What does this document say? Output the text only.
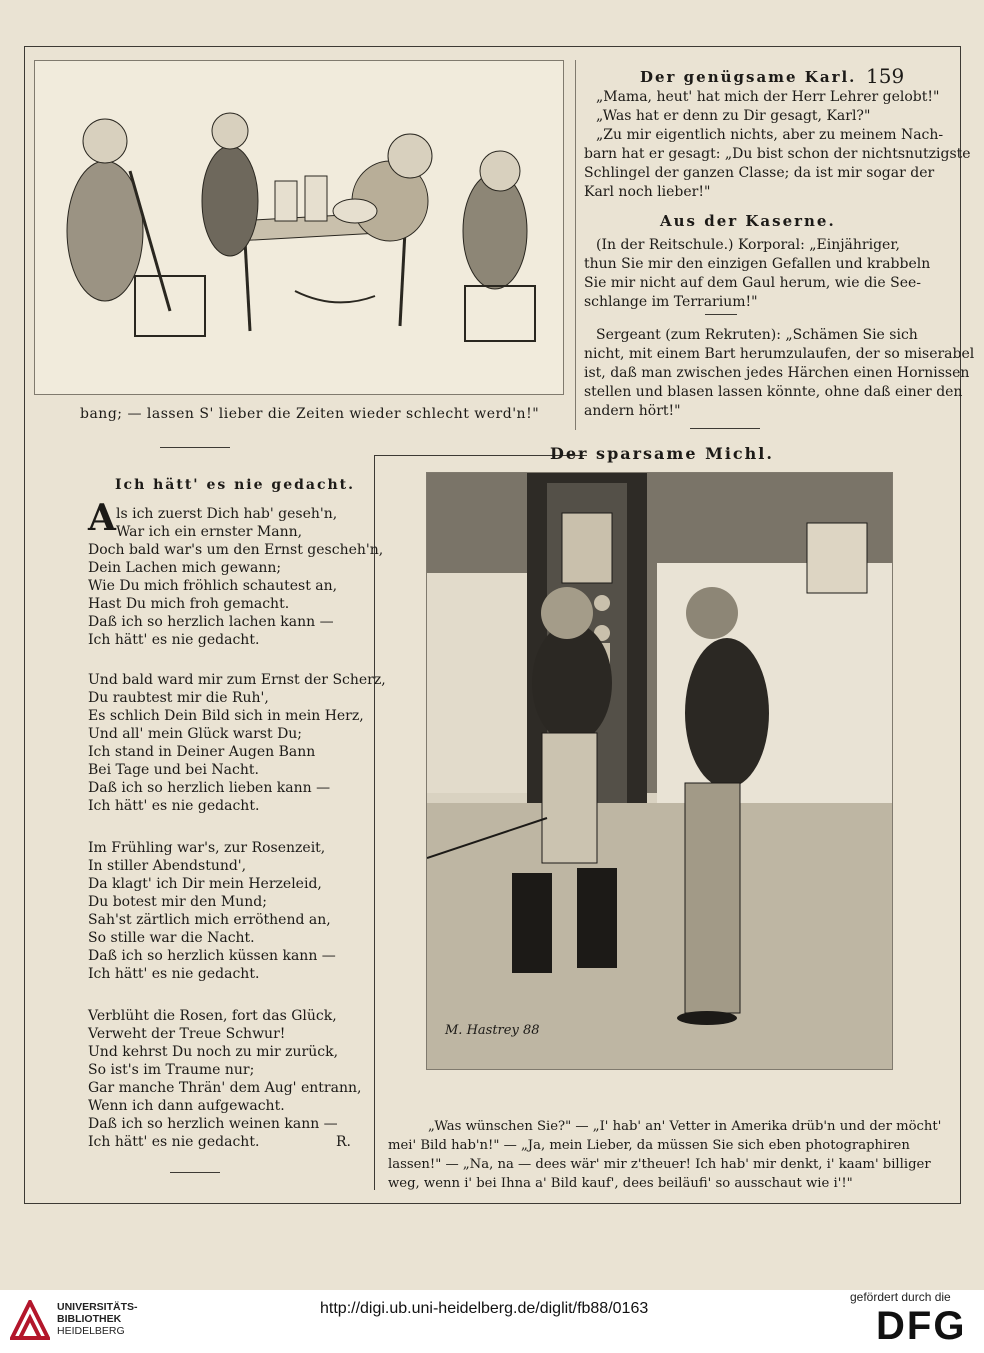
bang; — lassen S' lieber die Zeiten wieder schlecht werd'n!"
Der genügsame Karl. 159
„Mama, heut' hat mich der Herr Lehrer gelobt!"
„Was hat er denn zu Dir gesagt, Karl?"
„Zu mir eigentlich nichts, aber zu meinem Nach-
barn hat er gesagt: „Du bist schon der nichtsnutzigste
Schlingel der ganzen Classe; da ist mir sogar der
Karl noch lieber!"
Aus der Kaserne.
(In der Reitschule.) Korporal: „Einjähriger,
thun Sie mir den einzigen Gefallen und krabbeln
Sie mir nicht auf dem Gaul herum, wie die See-
schlange im Terrarium!"
Sergeant (zum Rekruten): „Schämen Sie sich
nicht, mit einem Bart herumzulaufen, der so miserabel
ist, daß man zwischen jedes Härchen einen Hornissen
stellen und blasen lassen könnte, ohne daß einer den
andern hört!"
Der sparsame Michl.
M. Hastrey 88
„Was wünschen Sie?" — „I' hab' an' Vetter in Amerika drüb'n und der möcht'
mei' Bild hab'n!" — „Ja, mein Lieber, da müssen Sie sich eben photographiren
lassen!" — „Na, na — dees wär' mir z'theuer! Ich hab' mir denkt, i' kaam' billiger
weg, wenn i' bei Ihna a' Bild kauf', dees beiläufi' so ausschaut wie i'!"
Ich hätt' es nie gedacht.
A ls ich zuerst Dich hab' geseh'n,
War ich ein ernster Mann,
Doch bald war's um den Ernst gescheh'n,
Dein Lachen mich gewann;
Wie Du mich fröhlich schautest an,
Hast Du mich froh gemacht.
Daß ich so herzlich lachen kann —
Ich hätt' es nie gedacht.
Und bald ward mir zum Ernst der Scherz,
Du raubtest mir die Ruh',
Es schlich Dein Bild sich in mein Herz,
Und all' mein Glück warst Du;
Ich stand in Deiner Augen Bann
Bei Tage und bei Nacht.
Daß ich so herzlich lieben kann —
Ich hätt' es nie gedacht.
Im Frühling war's, zur Rosenzeit,
In stiller Abendstund',
Da klagt' ich Dir mein Herzeleid,
Du botest mir den Mund;
Sah'st zärtlich mich erröthend an,
So stille war die Nacht.
Daß ich so herzlich küssen kann —
Ich hätt' es nie gedacht.
Verblüht die Rosen, fort das Glück,
Verweht der Treue Schwur!
Und kehrst Du noch zu mir zurück,
So ist's im Traume nur;
Gar manche Thrän' dem Aug' entrann,
Wenn ich dann aufgewacht.
Daß ich so herzlich weinen kann —
Ich hätt' es nie gedacht.	R.
UNIVERSITÄTS-
BIBLIOTHEK
HEIDELBERG
http://digi.ub.uni-heidelberg.de/diglit/fb88/0163
gefördert durch die
DFG
